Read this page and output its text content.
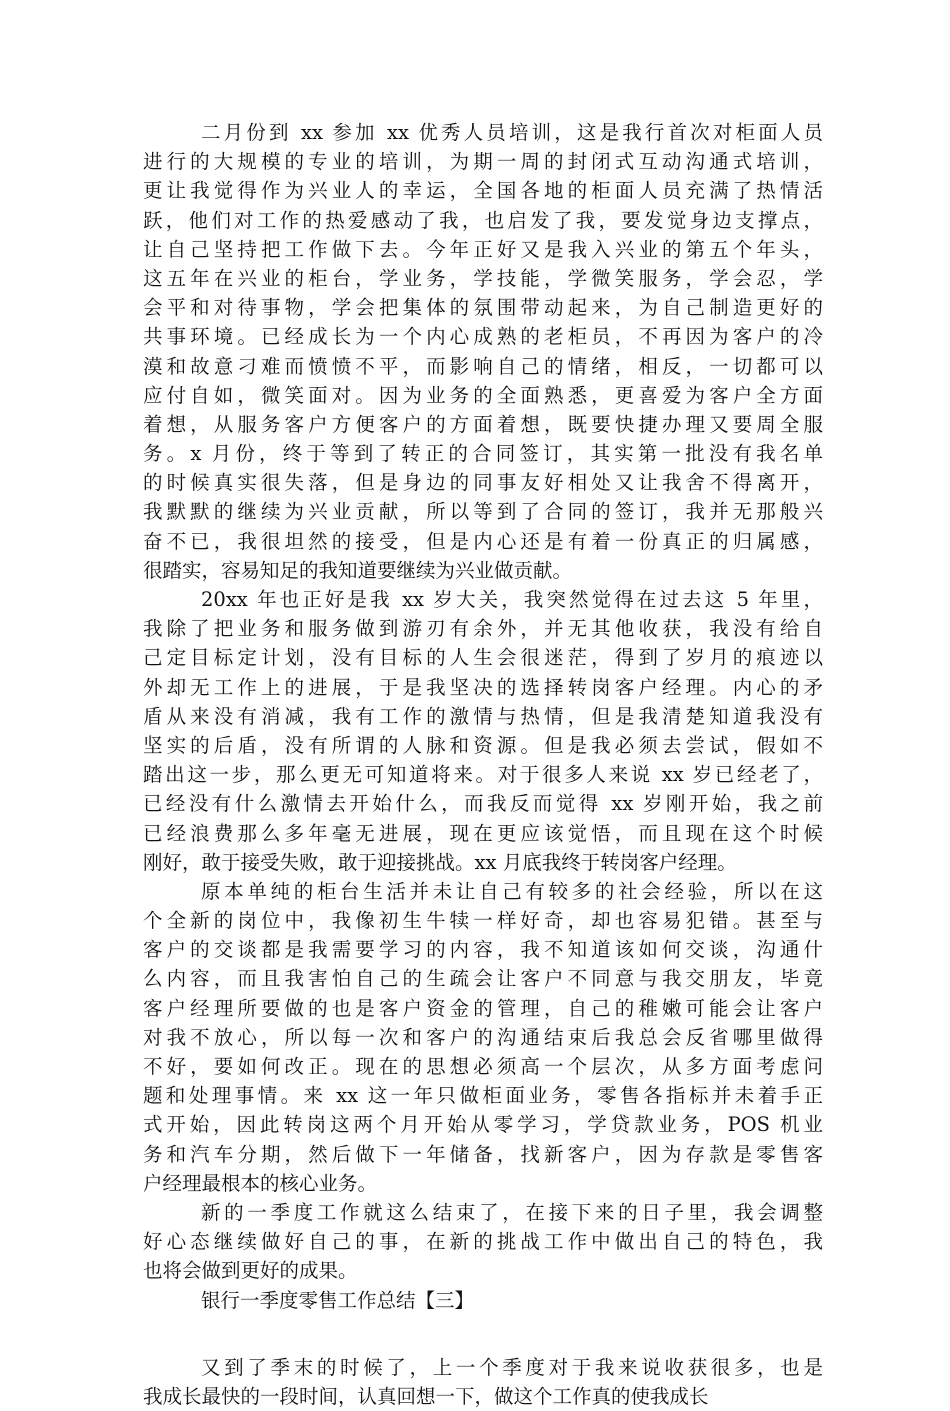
二月份到 xx 参加 xx 优秀人员培训，这是我行首次对柜面人员
进行的大规模的专业的培训，为期一周的封闭式互动沟通式培训，
更让我觉得作为兴业人的幸运，全国各地的柜面人员充满了热情活
跃，他们对工作的热爱感动了我，也启发了我，要发觉身边支撑点，
让自己坚持把工作做下去。今年正好又是我入兴业的第五个年头，
这五年在兴业的柜台，学业务，学技能，学微笑服务，学会忍，学
会平和对待事物，学会把集体的氛围带动起来，为自己制造更好的
共事环境。已经成长为一个内心成熟的老柜员，不再因为客户的冷
漠和故意刁难而愤愤不平，而影响自己的情绪，相反，一切都可以
应付自如，微笑面对。因为业务的全面熟悉，更喜爱为客户全方面
着想，从服务客户方便客户的方面着想，既要快捷办理又要周全服
务。x 月份，终于等到了转正的合同签订，其实第一批没有我名单
的时候真实很失落，但是身边的同事友好相处又让我舍不得离开，
我默默的继续为兴业贡献，所以等到了合同的签订，我并无那般兴
奋不已，我很坦然的接受，但是内心还是有着一份真正的归属感，
很踏实，容易知足的我知道要继续为兴业做贡献。
20xx 年也正好是我 xx 岁大关，我突然觉得在过去这 5 年里，
我除了把业务和服务做到游刃有余外，并无其他收获，我没有给自
己定目标定计划，没有目标的人生会很迷茫，得到了岁月的痕迹以
外却无工作上的进展，于是我坚决的选择转岗客户经理。内心的矛
盾从来没有消减，我有工作的激情与热情，但是我清楚知道我没有
坚实的后盾，没有所谓的人脉和资源。但是我必须去尝试，假如不
踏出这一步，那么更无可知道将来。对于很多人来说 xx 岁已经老了，
已经没有什么激情去开始什么，而我反而觉得 xx 岁刚开始，我之前
已经浪费那么多年毫无进展，现在更应该觉悟，而且现在这个时候
刚好，敢于接受失败，敢于迎接挑战。xx 月底我终于转岗客户经理。
原本单纯的柜台生活并未让自己有较多的社会经验，所以在这
个全新的岗位中，我像初生牛犊一样好奇，却也容易犯错。甚至与
客户的交谈都是我需要学习的内容，我不知道该如何交谈，沟通什
么内容，而且我害怕自己的生疏会让客户不同意与我交朋友，毕竟
客户经理所要做的也是客户资金的管理，自己的稚嫩可能会让客户
对我不放心，所以每一次和客户的沟通结束后我总会反省哪里做得
不好，要如何改正。现在的思想必须高一个层次，从多方面考虑问
题和处理事情。来 xx 这一年只做柜面业务，零售各指标并未着手正
式开始，因此转岗这两个月开始从零学习，学贷款业务，POS 机业
务和汽车分期，然后做下一年储备，找新客户，因为存款是零售客
户经理最根本的核心业务。
新的一季度工作就这么结束了，在接下来的日子里，我会调整
好心态继续做好自己的事，在新的挑战工作中做出自己的特色，我
也将会做到更好的成果。
银行一季度零售工作总结【三】
又到了季末的时候了，上一个季度对于我来说收获很多，也是
我成长最快的一段时间，认真回想一下，做这个工作真的使我成长
